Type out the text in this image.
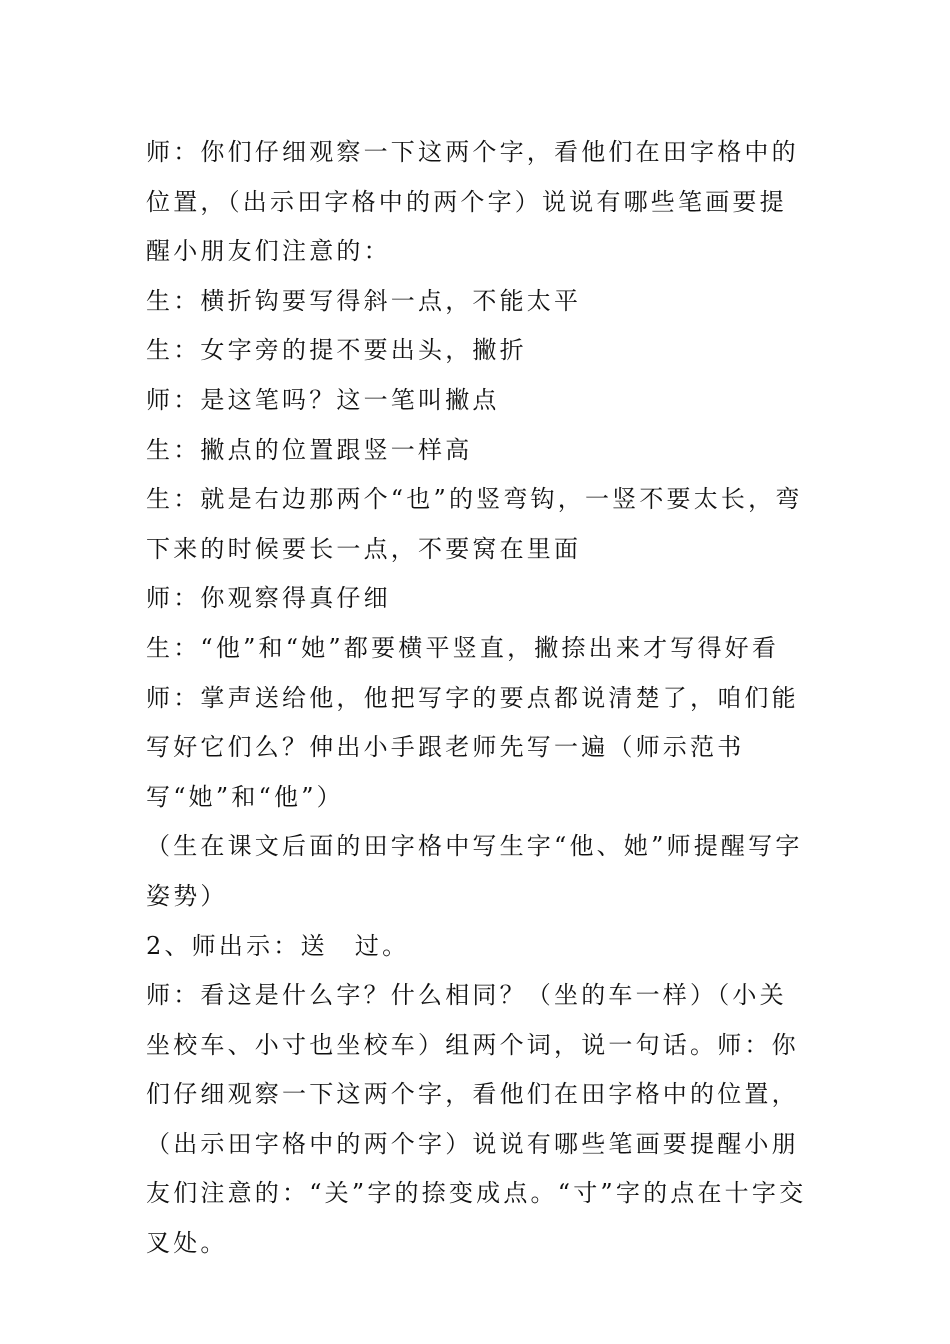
师：你们仔细观察一下这两个字，看他们在田字格中的位置，（出示田字格中的两个字）说说有哪些笔画要提醒小朋友们注意的：

生：横折钩要写得斜一点，不能太平

生：女字旁的提不要出头，撇折

师：是这笔吗？这一笔叫撇点

生：撇点的位置跟竖一样高

生：就是右边那两个“也”的竖弯钩，一竖不要太长，弯下来的时候要长一点，不要窝在里面

师：你观察得真仔细

生：“他”和“她”都要横平竖直，撇捺出来才写得好看

师：掌声送给他，他把写字的要点都说清楚了，咱们能写好它们么？伸出小手跟老师先写一遍（师示范书写“她”和“他”）

（生在课文后面的田字格中写生字“他、她”师提醒写字姿势）

2、师出示：送　过。

师：看这是什么字？什么相同？（坐的车一样）（小关坐校车、小寸也坐校车）组两个词，说一句话。师：你们仔细观察一下这两个字，看他们在田字格中的位置，（出示田字格中的两个字）说说有哪些笔画要提醒小朋友们注意的：“关”字的捺变成点。“寸”字的点在十字交叉处。
